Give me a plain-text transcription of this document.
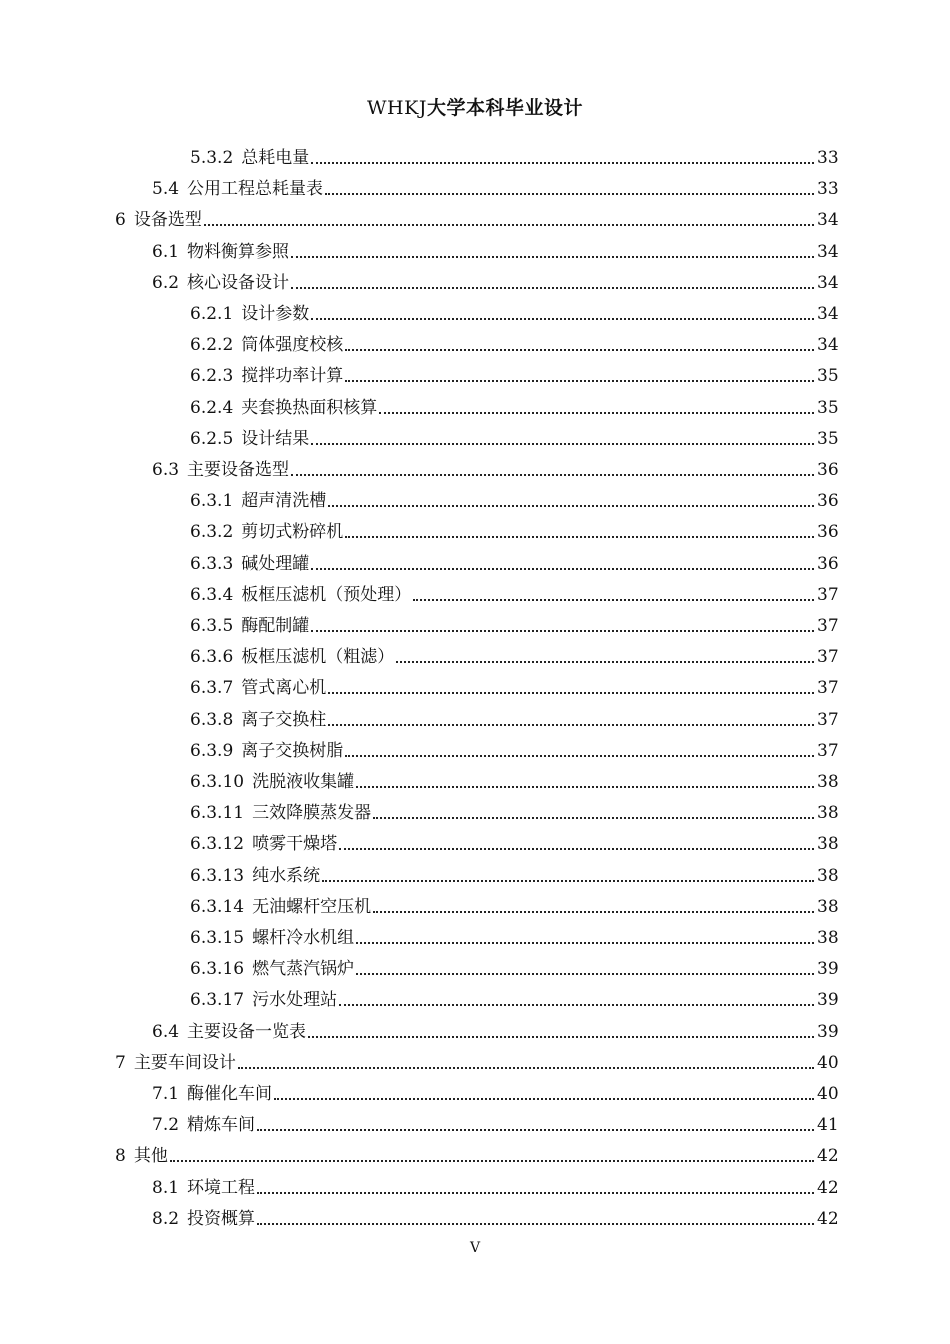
WHKJ大学本科毕业设计
5.3.2 总耗电量	33
5.4 公用工程总耗量表	33
6 设备选型	34
6.1 物料衡算参照	34
6.2 核心设备设计	34
6.2.1 设计参数	34
6.2.2 筒体强度校核	34
6.2.3 搅拌功率计算	35
6.2.4 夹套换热面积核算	35
6.2.5 设计结果	35
6.3 主要设备选型	36
6.3.1 超声清洗槽	36
6.3.2 剪切式粉碎机	36
6.3.3 碱处理罐	36
6.3.4 板框压滤机（预处理）	37
6.3.5 酶配制罐	37
6.3.6 板框压滤机（粗滤）	37
6.3.7 管式离心机	37
6.3.8 离子交换柱	37
6.3.9 离子交换树脂	37
6.3.10 洗脱液收集罐	38
6.3.11 三效降膜蒸发器	38
6.3.12 喷雾干燥塔	38
6.3.13 纯水系统	38
6.3.14 无油螺杆空压机	38
6.3.15 螺杆冷水机组	38
6.3.16 燃气蒸汽锅炉	39
6.3.17 污水处理站	39
6.4 主要设备一览表	39
7 主要车间设计	40
7.1 酶催化车间	40
7.2 精炼车间	41
8 其他	42
8.1 环境工程	42
8.2 投资概算	42
V
